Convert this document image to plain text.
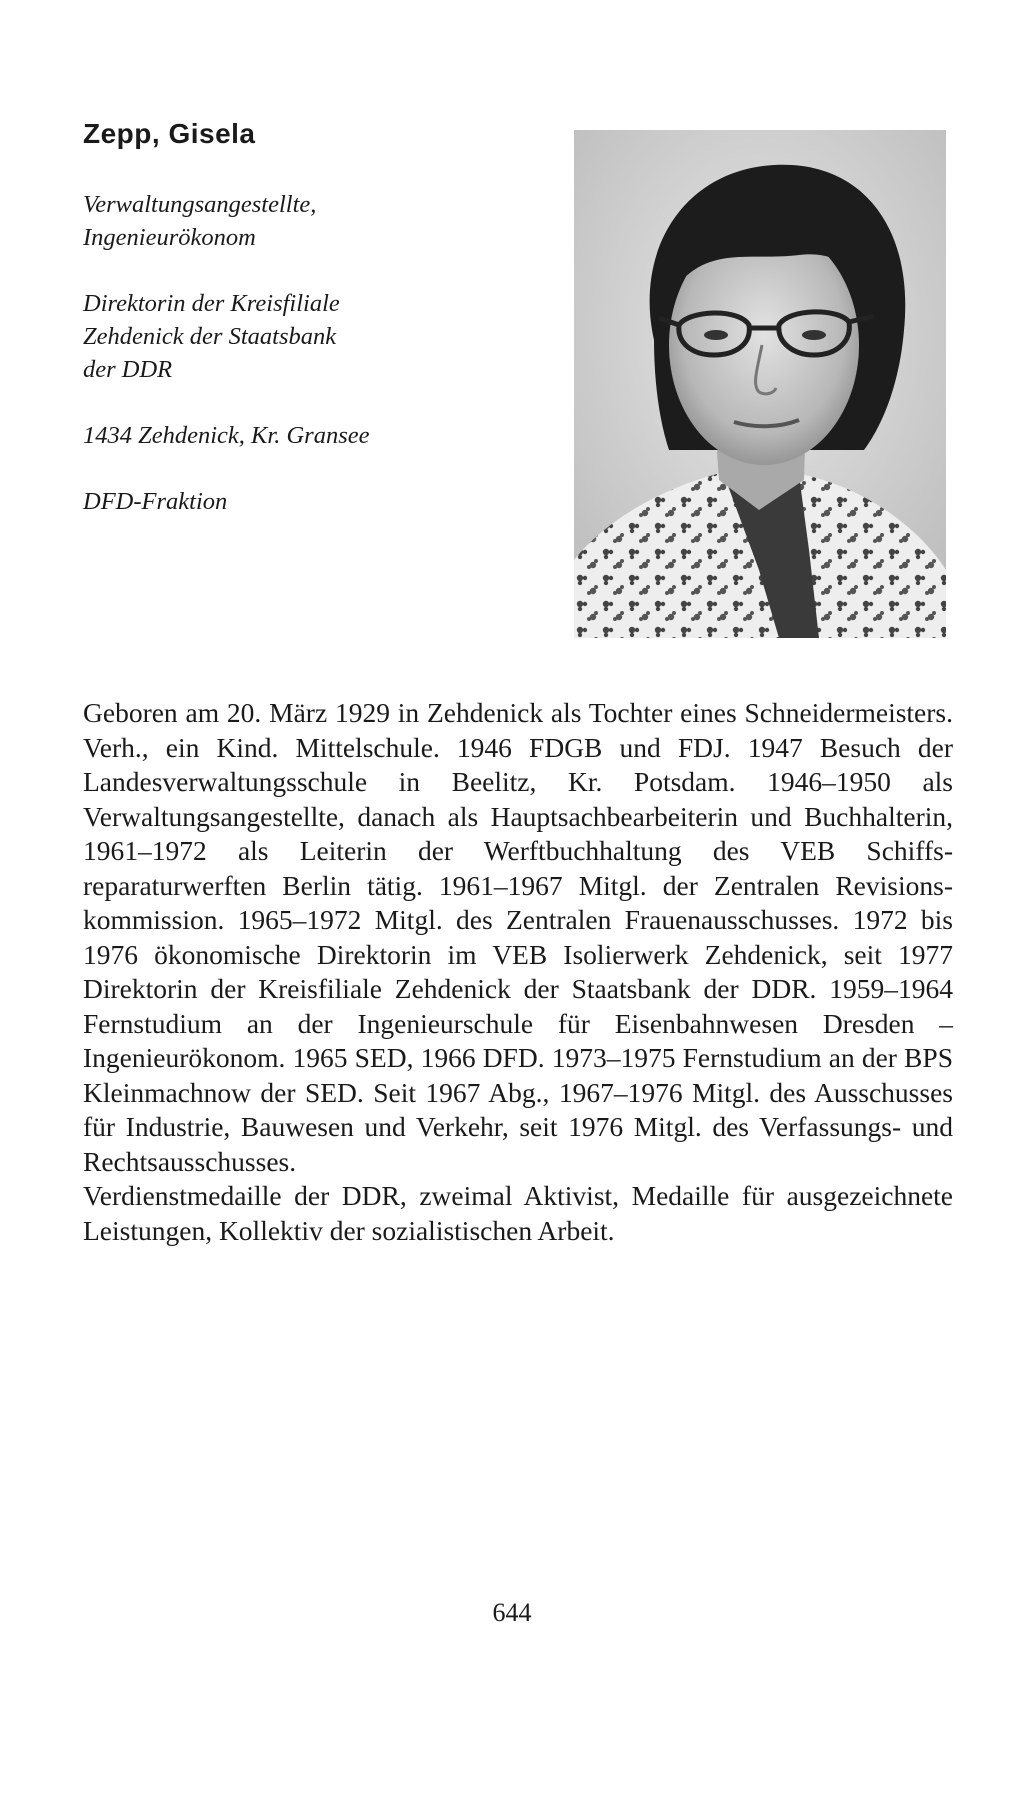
Zepp, Gisela

Verwaltungsangestellte,
Ingenieurökonom

Direktorin der Kreisfiliale
Zehdenick der Staatsbank
der DDR

1434 Zehdenick, Kr. Gransee

DFD-Fraktion

Geboren am 20. März 1929 in Zehdenick als Tochter eines Schneidermeisters. Verh., ein Kind. Mittelschule. 1946 FDGB und FDJ. 1947 Besuch der Landesverwaltungsschule in Beelitz, Kr. Potsdam. 1946–1950 als Verwaltungsangestellte, danach als Hauptsachbearbeiterin und Buchhalterin, 1961–1972 als Leiterin der Werftbuchhaltung des VEB Schiffsreparaturwerften Berlin tätig. 1961–1967 Mitgl. der Zentralen Revisionskommission. 1965–1972 Mitgl. des Zentralen Frauenausschusses. 1972 bis 1976 ökonomische Direktorin im VEB Isolierwerk Zehdenick, seit 1977 Direktorin der Kreisfiliale Zehdenick der Staatsbank der DDR. 1959–1964 Fernstudium an der Ingenieurschule für Eisenbahnwesen Dresden – Ingenieurökonom. 1965 SED, 1966 DFD. 1973–1975 Fernstudium an der BPS Kleinmachnow der SED. Seit 1967 Abg., 1967–1976 Mitgl. des Ausschusses für Industrie, Bauwesen und Verkehr, seit 1976 Mitgl. des Verfassungs- und Rechtsausschusses.

Verdienstmedaille der DDR, zweimal Aktivist, Medaille für ausgezeichnete Leistungen, Kollektiv der sozialistischen Arbeit.

644
